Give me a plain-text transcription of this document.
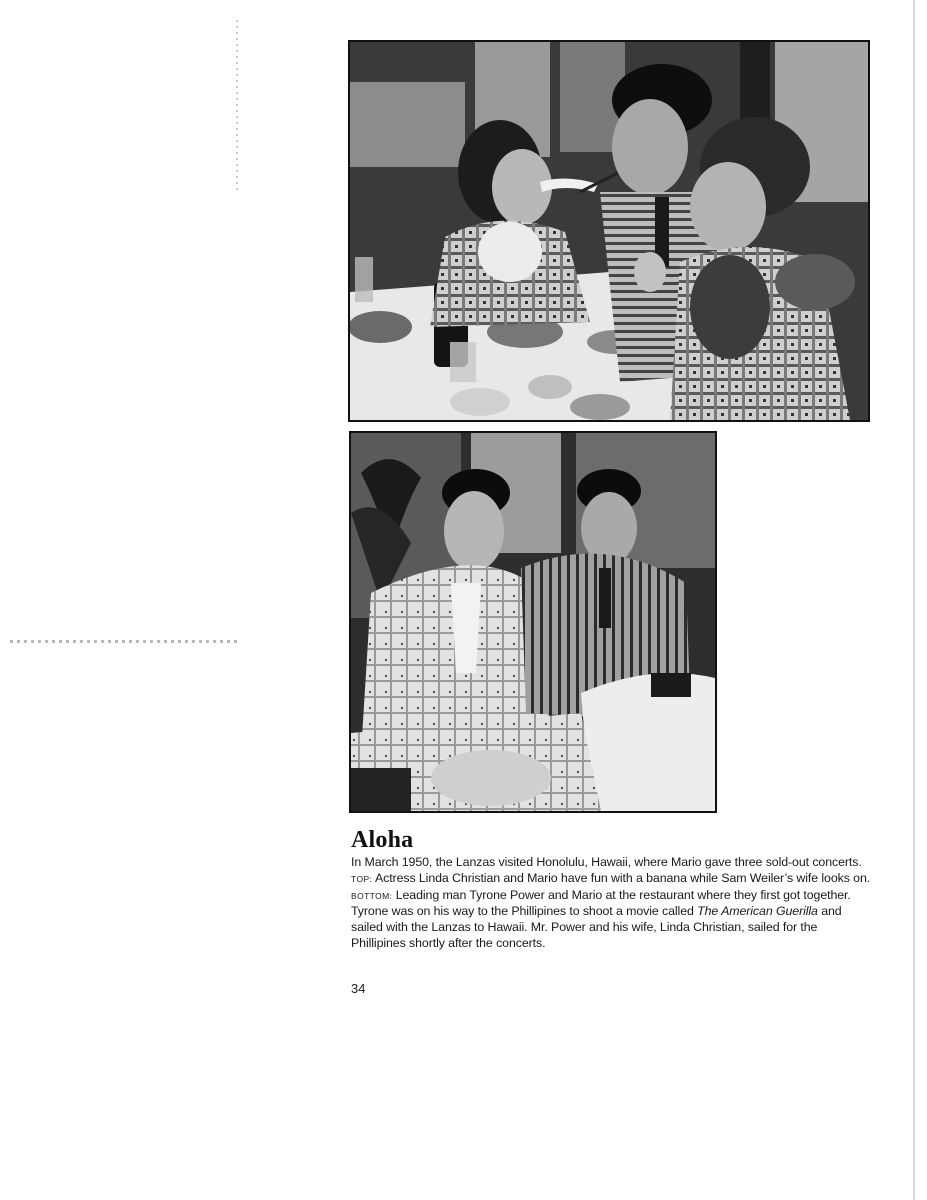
Aloha

In March 1950, the Lanzas visited Honolulu, Hawaii, where Mario gave three sold-out concerts. TOP: Actress Linda Christian and Mario have fun with a banana while Sam Weiler’s wife looks on. BOTTOM: Leading man Tyrone Power and Mario at the restaurant where they first got together. Tyrone was on his way to the Phillipines to shoot a movie called The American Guerilla and sailed with the Lanzas to Hawaii. Mr. Power and his wife, Linda Christian, sailed for the Phillipines shortly after the concerts.

34
